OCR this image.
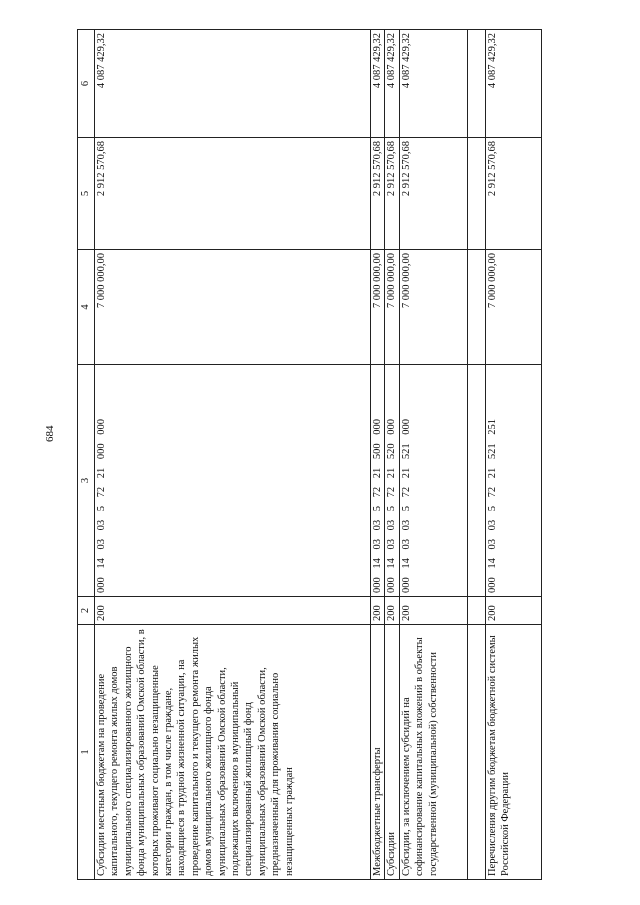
684
1	2	3	4	5	6
Субсидии местным бюджетам на проведение капитального, текущего ремонта жилых домов муниципального специализированного жилищного фонда муниципальных образований Омской области, в которых проживают социально незащищенные категории граждан, в том числе граждане, находящиеся в трудной жизненной ситуации, на проведение капитального и текущего ремонта жилых домов муниципального жилищного фонда муниципальных образований Омской области, подлежащих включению в муниципальный специализированный жилищный фонд муниципальных образований Омской области, предназначенный для проживания социально незащищенных граждан	200	000 14 03 03 5 72 21 000 000	7 000 000,00	2 912 570,68	4 087 429,32
Межбюджетные трансферты	200	000 14 03 03 5 72 21 500 000	7 000 000,00	2 912 570,68	4 087 429,32
Субсидии	200	000 14 03 03 5 72 21 520 000	7 000 000,00	2 912 570,68	4 087 429,32
Субсидии, за исключением субсидий на софинансирование капитальных вложений в объекты государственной (муниципальной) собственности	200	000 14 03 03 5 72 21 521 000	7 000 000,00	2 912 570,68	4 087 429,32

Перечисления другим бюджетам бюджетной системы Российской Федерации	200	000 14 03 03 5 72 21 521 251	7 000 000,00	2 912 570,68	4 087 429,32
